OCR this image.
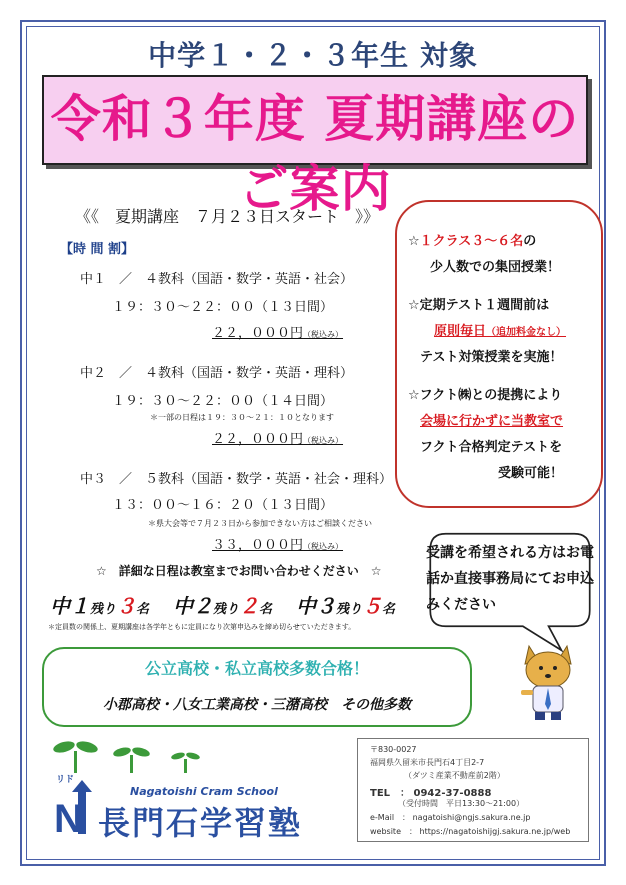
中学１・２・３年生 対象
令和３年度 夏期講座のご案内
《《　夏期講座　７月２３日スタート　》》
【時 間 割】
中１　／　４教科（国語・数学・英語・社会）
１９：３０～２２：００（１３日間）
２２，０００円（税込み）
中２　／　４教科（国語・数学・英語・理科）
１９：３０～２２：００（１４日間）
＊一部の日程は１９：３０～２１：１０となります
２２，０００円（税込み）
中３　／　５教科（国語・数学・英語・社会・理科）
１３：００～１６：２０（１３日間）
＊県大会等で７月２３日から参加できない方はご相談ください
３３，０００円（税込み）
☆　詳細な日程は教室までお問い合わせください　☆
☆１クラス３～６名の
少人数での集団授業！
☆定期テスト１週間前は
原則毎日（追加料金なし）
テスト対策授業を実施！
☆フクト㈱との提携により
会場に行かずに当教室で
フクト合格判定テストを
受験可能！
受講を希望される方はお電話か直接事務局にてお申込みください
中１残り３名 中２残り２名 中３残り５名
＊定員数の関係上、夏期講座は各学年ともに定員になり次第申込みを締め切らせていただきます。
公立高校・私立高校多数合格！
小郡高校・八女工業高校・三潴高校　その他多数
リド
N
Nagatoishi Cram School
長門石学習塾
〒830-0027
福岡県久留米市長門石4丁目2-7
（ダツミ産業不動産前2階）
TEL　： 0942-37-0888
（受付時間　平日13:30～21:00）
e-Mail　： nagatoishi@ngjs.sakura.ne.jp
website　： https://nagatoishijgj.sakura.ne.jp/web
